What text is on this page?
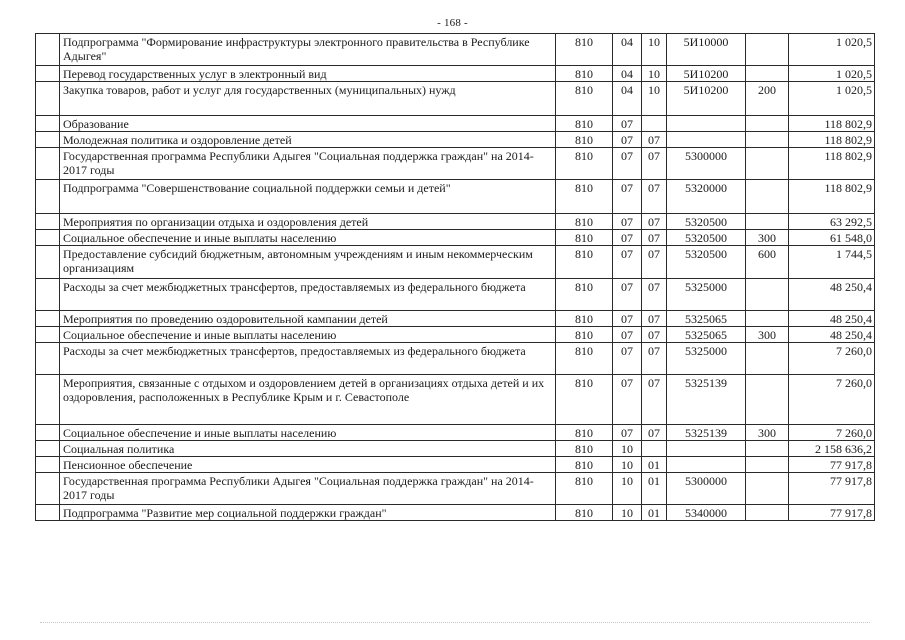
- 168 -
	Подпрограмма "Формирование инфраструктуры электронного правительства в Республике Адыгея"	810	04	10	5И10000		1 020,5
	Перевод государственных услуг в электронный вид	810	04	10	5И10200		1 020,5
	Закупка товаров, работ и услуг для государственных (муниципальных) нужд	810	04	10	5И10200	200	1 020,5
	Образование	810	07				118 802,9
	Молодежная политика и оздоровление детей	810	07	07			118 802,9
	Государственная программа Республики Адыгея "Социальная поддержка граждан" на 2014-2017 годы	810	07	07	5300000		118 802,9
	Подпрограмма "Совершенствование социальной поддержки семьи и детей"	810	07	07	5320000		118 802,9
	Мероприятия по организации отдыха и оздоровления детей	810	07	07	5320500		63 292,5
	Социальное обеспечение и иные выплаты населению	810	07	07	5320500	300	61 548,0
	Предоставление субсидий бюджетным, автономным учреждениям и иным некоммерческим организациям	810	07	07	5320500	600	1 744,5
	Расходы за счет межбюджетных трансфертов, предоставляемых из федерального бюджета	810	07	07	5325000		48 250,4
	Мероприятия по проведению оздоровительной кампании детей	810	07	07	5325065		48 250,4
	Социальное обеспечение и иные выплаты населению	810	07	07	5325065	300	48 250,4
	Расходы за счет межбюджетных трансфертов, предоставляемых из федерального бюджета	810	07	07	5325000		7 260,0
	Мероприятия, связанные с отдыхом и оздоровлением детей в организациях отдыха детей и их оздоровления, расположенных в Республике Крым и г. Севастополе	810	07	07	5325139		7 260,0
	Социальное обеспечение и иные выплаты населению	810	07	07	5325139	300	7 260,0
	Социальная политика	810	10				2 158 636,2
	Пенсионное обеспечение	810	10	01			77 917,8
	Государственная программа Республики Адыгея "Социальная поддержка граждан" на 2014-2017 годы	810	10	01	5300000		77 917,8
	Подпрограмма "Развитие мер социальной поддержки граждан"	810	10	01	5340000		77 917,8
